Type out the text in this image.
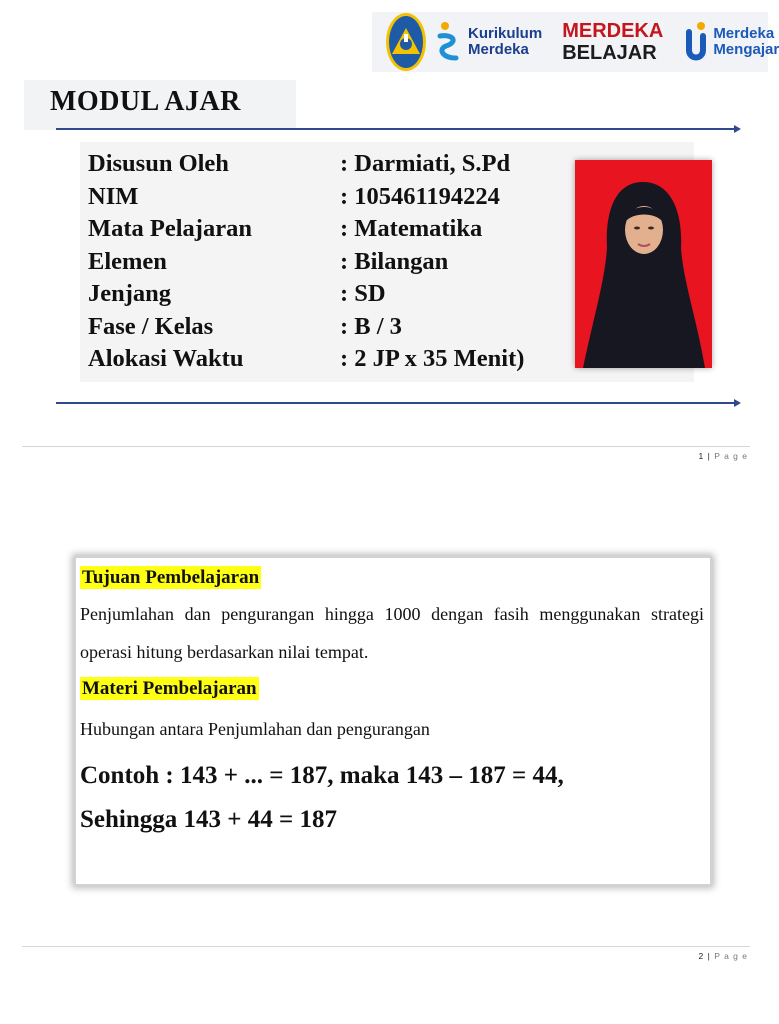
Kurikulum
Merdeka
MERDEKA
BELAJAR
Merdeka
Mengajar
MODUL AJAR
Disusun Oleh	: Darmiati, S.Pd
NIM	: 105461194224
Mata Pelajaran	: Matematika
Elemen	: Bilangan
Jenjang	: SD
Fase / Kelas	: B / 3
Alokasi Waktu	: 2 JP x 35 Menit)
1 | P a g e
Tujuan Pembelajaran

Penjumlahan dan pengurangan hingga 1000 dengan fasih menggunakan strategi operasi hitung berdasarkan nilai tempat.

Materi Pembelajaran

Hubungan antara Penjumlahan dan pengurangan

Contoh : 143 + ... = 187, maka 143 – 187 = 44,

Sehingga 143 + 44 = 187

2 | P a g e
